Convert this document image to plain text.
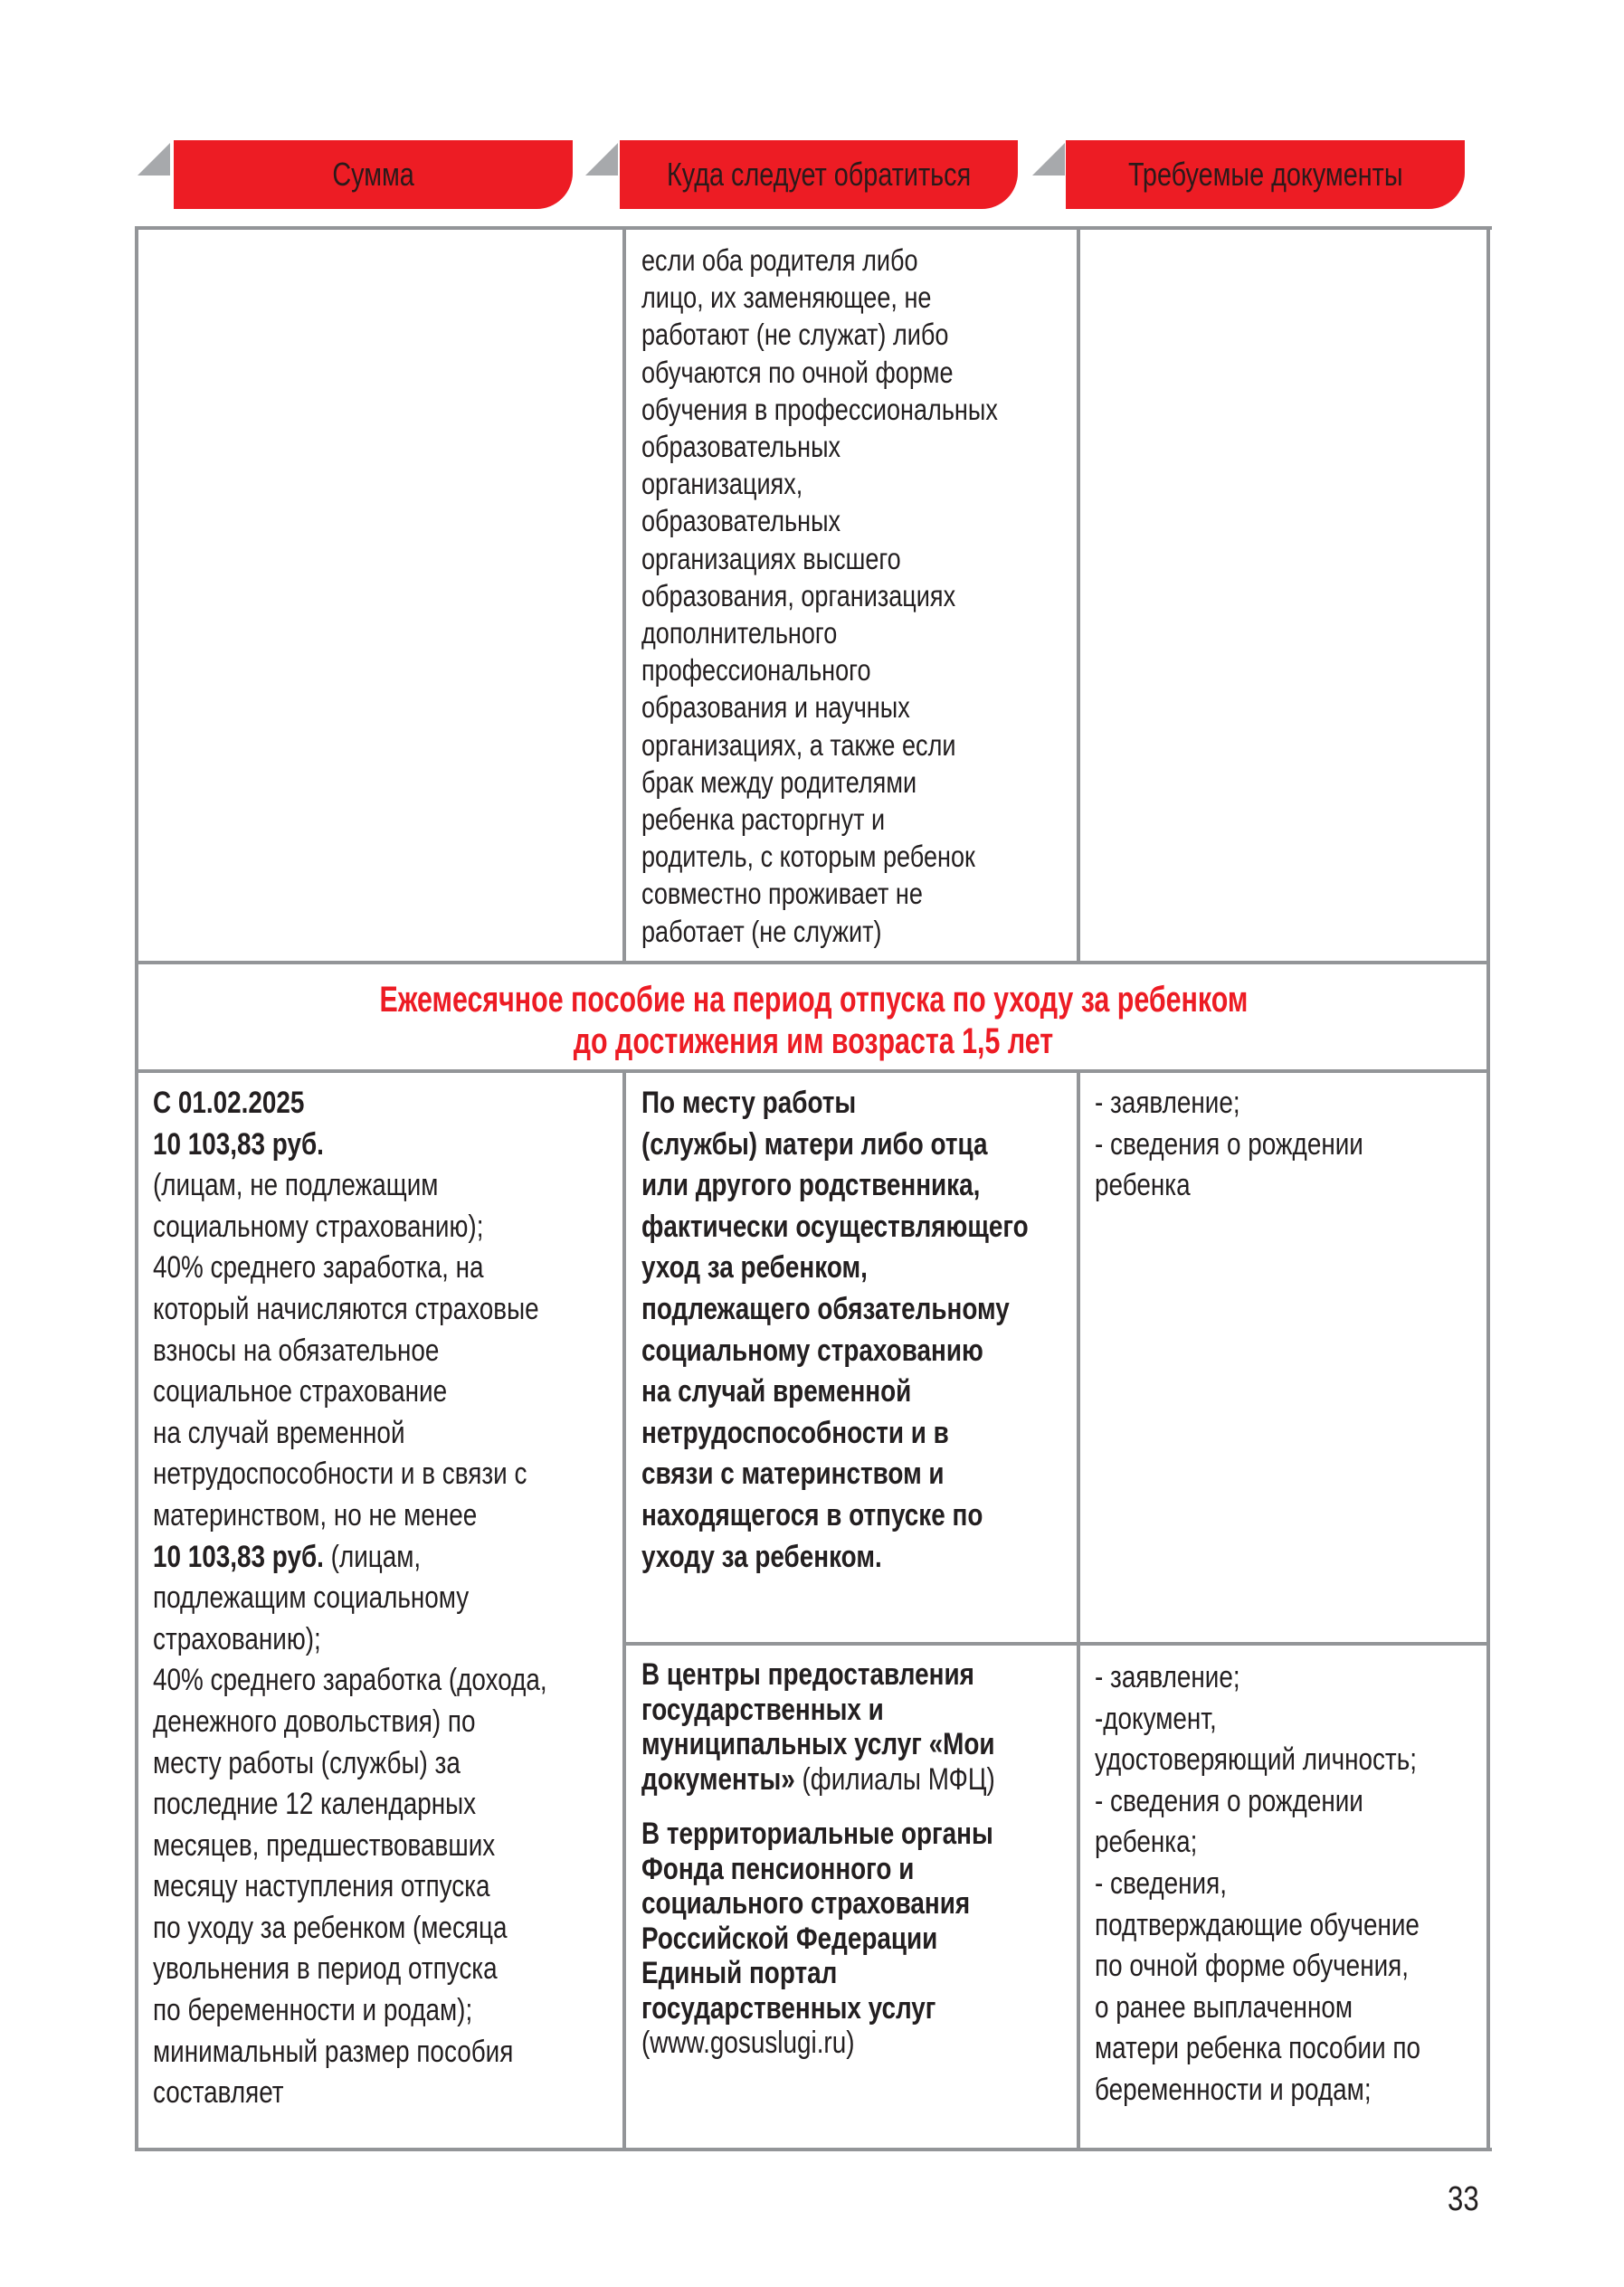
Сумма	Куда следует обратиться	Требуемые документы
если оба родителя либо
лицо, их заменяющее, не
работают (не служат) либо
обучаются по очной форме
обучения в профессиональных
образовательных
организациях,
образовательных
организациях высшего
образования, организациях
дополнительного
профессионального
образования и научных
организациях, а также если
брак между родителями
ребенка расторгнут и
родитель, с которым ребенок
совместно проживает не
работает (не служит)
Ежемесячное пособие на период отпуска по уходу за ребенком
до достижения им возраста 1,5 лет
С 01.02.2025
10 103,83 руб.
(лицам, не подлежащим
социальному страхованию);
40% среднего заработка, на
который начисляются страховые
взносы на обязательное
социальное страхование
на случай временной
нетрудоспособности и в связи с
материнством, но не менее
10 103,83 руб. (лицам,
подлежащим социальному
страхованию);
40% среднего заработка (дохода,
денежного довольствия) по
месту работы (службы) за
последние 12 календарных
месяцев, предшествовавших
месяцу наступления отпуска
по уходу за ребенком (месяца
увольнения в период отпуска
по беременности и родам);
минимальный размер пособия
составляет
По месту работы
(службы) матери либо отца
или другого родственника,
фактически осуществляющего
уход за ребенком,
подлежащего обязательному
социальному страхованию
на случай временной
нетрудоспособности и в
связи с материнством и
находящегося в отпуске по
уходу за ребенком.
- заявление;
- сведения о рождении
ребенка
В центры предоставления
государственных и
муниципальных услуг «Мои
документы» (филиалы МФЦ)
В территориальные органы
Фонда пенсионного и
социального страхования
Российской Федерации
Единый портал
государственных услуг
(www.gosuslugi.ru)
- заявление;
-документ,
удостоверяющий личность;
- сведения о рождении
ребенка;
- сведения,
подтверждающие обучение
по очной форме обучения,
о ранее выплаченном
матери ребенка пособии по
беременности и родам;
33
